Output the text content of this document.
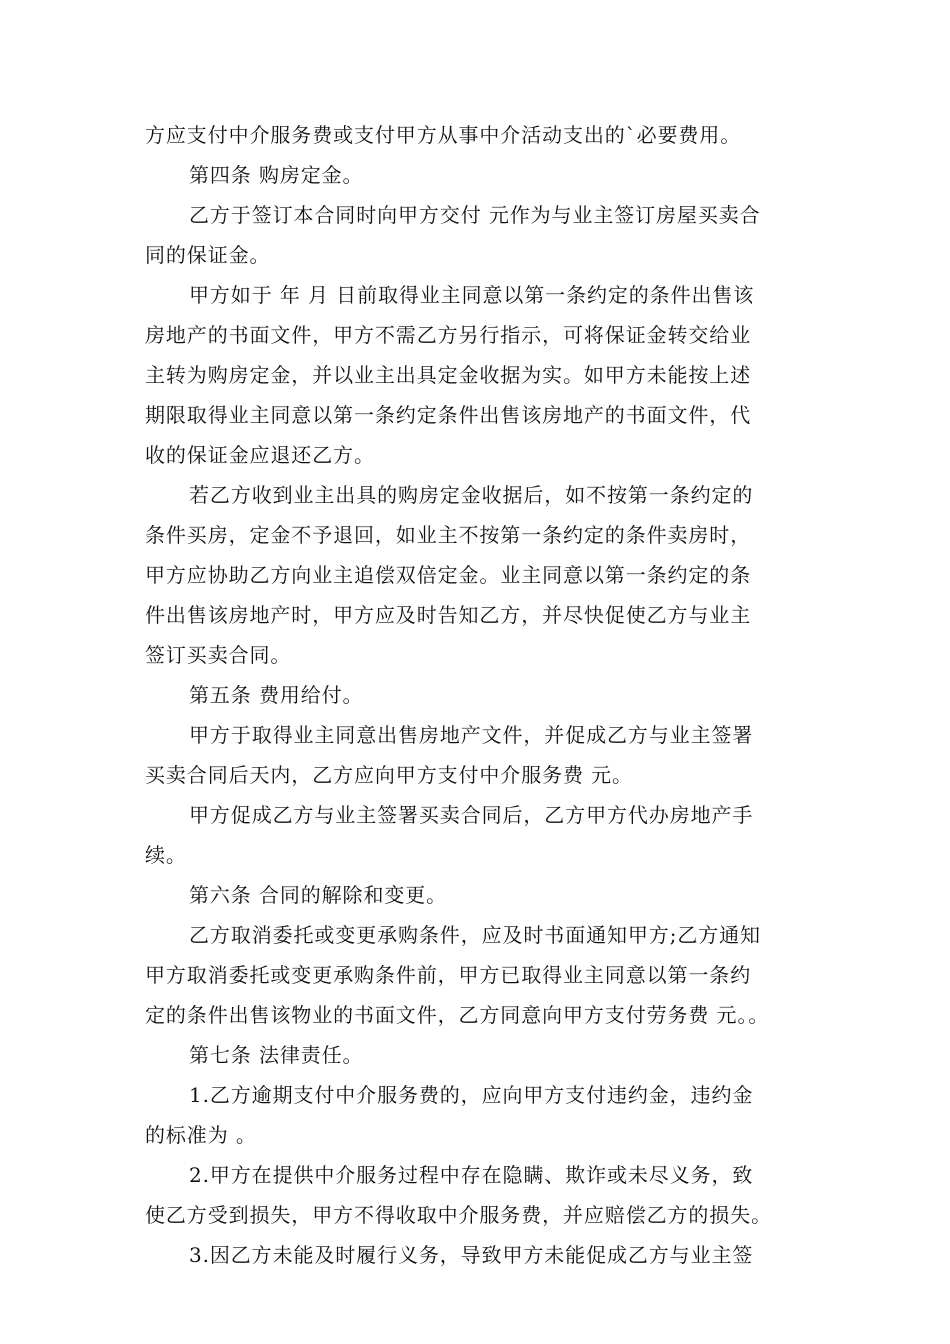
方应支付中介服务费或支付甲方从事中介活动支出的`必要费用。
第四条 购房定金。
乙方于签订本合同时向甲方交付 元作为与业主签订房屋买卖合
同的保证金。
甲方如于 年 月 日前取得业主同意以第一条约定的条件出售该
房地产的书面文件，甲方不需乙方另行指示，可将保证金转交给业
主转为购房定金，并以业主出具定金收据为实。如甲方未能按上述
期限取得业主同意以第一条约定条件出售该房地产的书面文件，代
收的保证金应退还乙方。
若乙方收到业主出具的购房定金收据后，如不按第一条约定的
条件买房，定金不予退回，如业主不按第一条约定的条件卖房时，
甲方应协助乙方向业主追偿双倍定金。业主同意以第一条约定的条
件出售该房地产时，甲方应及时告知乙方，并尽快促使乙方与业主
签订买卖合同。
第五条 费用给付。
甲方于取得业主同意出售房地产文件，并促成乙方与业主签署
买卖合同后天内，乙方应向甲方支付中介服务费 元。
甲方促成乙方与业主签署买卖合同后，乙方甲方代办房地产手
续。
第六条 合同的解除和变更。
乙方取消委托或变更承购条件，应及时书面通知甲方;乙方通知
甲方取消委托或变更承购条件前，甲方已取得业主同意以第一条约
定的条件出售该物业的书面文件，乙方同意向甲方支付劳务费 元。。
第七条 法律责任。
1.乙方逾期支付中介服务费的，应向甲方支付违约金，违约金
的标准为 。
2.甲方在提供中介服务过程中存在隐瞒、欺诈或未尽义务，致
使乙方受到损失，甲方不得收取中介服务费，并应赔偿乙方的损失。
3.因乙方未能及时履行义务，导致甲方未能促成乙方与业主签
